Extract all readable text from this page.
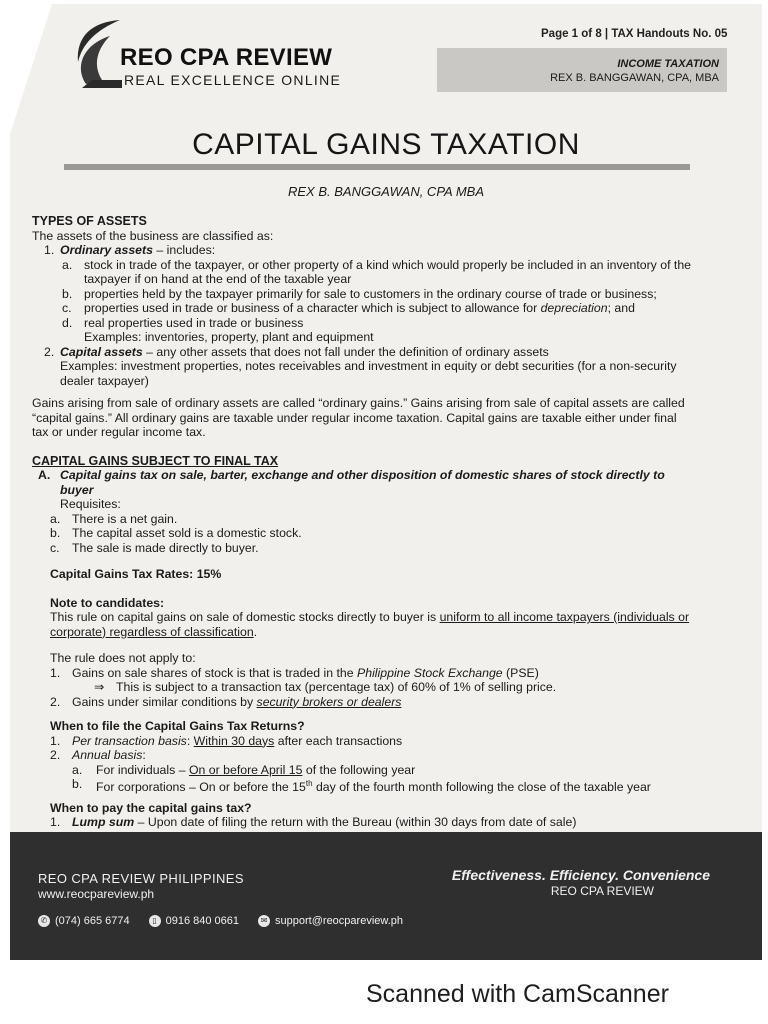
REO CPA REVIEW
REAL EXCELLENCE ONLINE
Page 1 of 8 | TAX Handouts No. 05
INCOME TAXATION
REX B. BANGGAWAN, CPA, MBA
CAPITAL GAINS TAXATION
REX B. BANGGAWAN, CPA MBA

TYPES OF ASSETS

The assets of the business are classified as:

1. Ordinary assets – includes:
a. stock in trade of the taxpayer, or other property of a kind which would properly be included in an inventory of the

taxpayer if on hand at the end of the taxable year

b. properties held by the taxpayer primarily for sale to customers in the ordinary course of trade or business;
c.	properties used in trade or business of a character which is subject to allowance for depreciation; and
d. real properties used in trade or business

Examples: inventories, property, plant and equipment

2. Capital assets – any other assets that does not fall under the definition of ordinary assets

Examples: investment properties, notes receivables and investment in equity or debt securities (for a non-security

dealer taxpayer)

Gains arising from sale of ordinary assets are called “ordinary gains.” Gains arising from sale of capital assets are called

“capital gains.” All ordinary gains are taxable under regular income taxation. Capital gains are taxable either under final

tax or under regular income tax.

CAPITAL GAINS SUBJECT TO FINAL TAX

A. Capital gains tax on sale, barter, exchange and other disposition of domestic shares of stock directly to

buyer

Requisites:

a. There is a net gain.
b. The capital asset sold is a domestic stock.
c.	The sale is made directly to buyer.

Capital Gains Tax Rates: 15%

Note to candidates:

This rule on capital gains on sale of domestic stocks directly to buyer is uniform to all income taxpayers (individuals or

corporate) regardless of classification.

The rule does not apply to:

1. Gains on sale shares of stock is that is traded in the Philippine Stock Exchange (PSE)
⇒ This is subject to a transaction tax (percentage tax) of 60% of 1% of selling price.
2. Gains under similar conditions by security brokers or dealers

When to file the Capital Gains Tax Returns?

1. Per transaction basis: Within 30 days after each transactions
2. Annual basis:
a.	For individuals – On or before April 15 of the following year
b.	For corporations – On or before the 15th day of the fourth month following the close of the taxable year

When to pay the capital gains tax?

1. Lump sum – Upon date of filing the return with the Bureau (within 30 days from date of sale)
REO CPA REVIEW PHILIPPINES
www.reocpareview.ph
Effectiveness. Efficiency. Convenience
REO CPA REVIEW
✆ (074) 665 6774	▯ 0916 840 0661	✉ support@reocpareview.ph
Scanned with CamScanner
